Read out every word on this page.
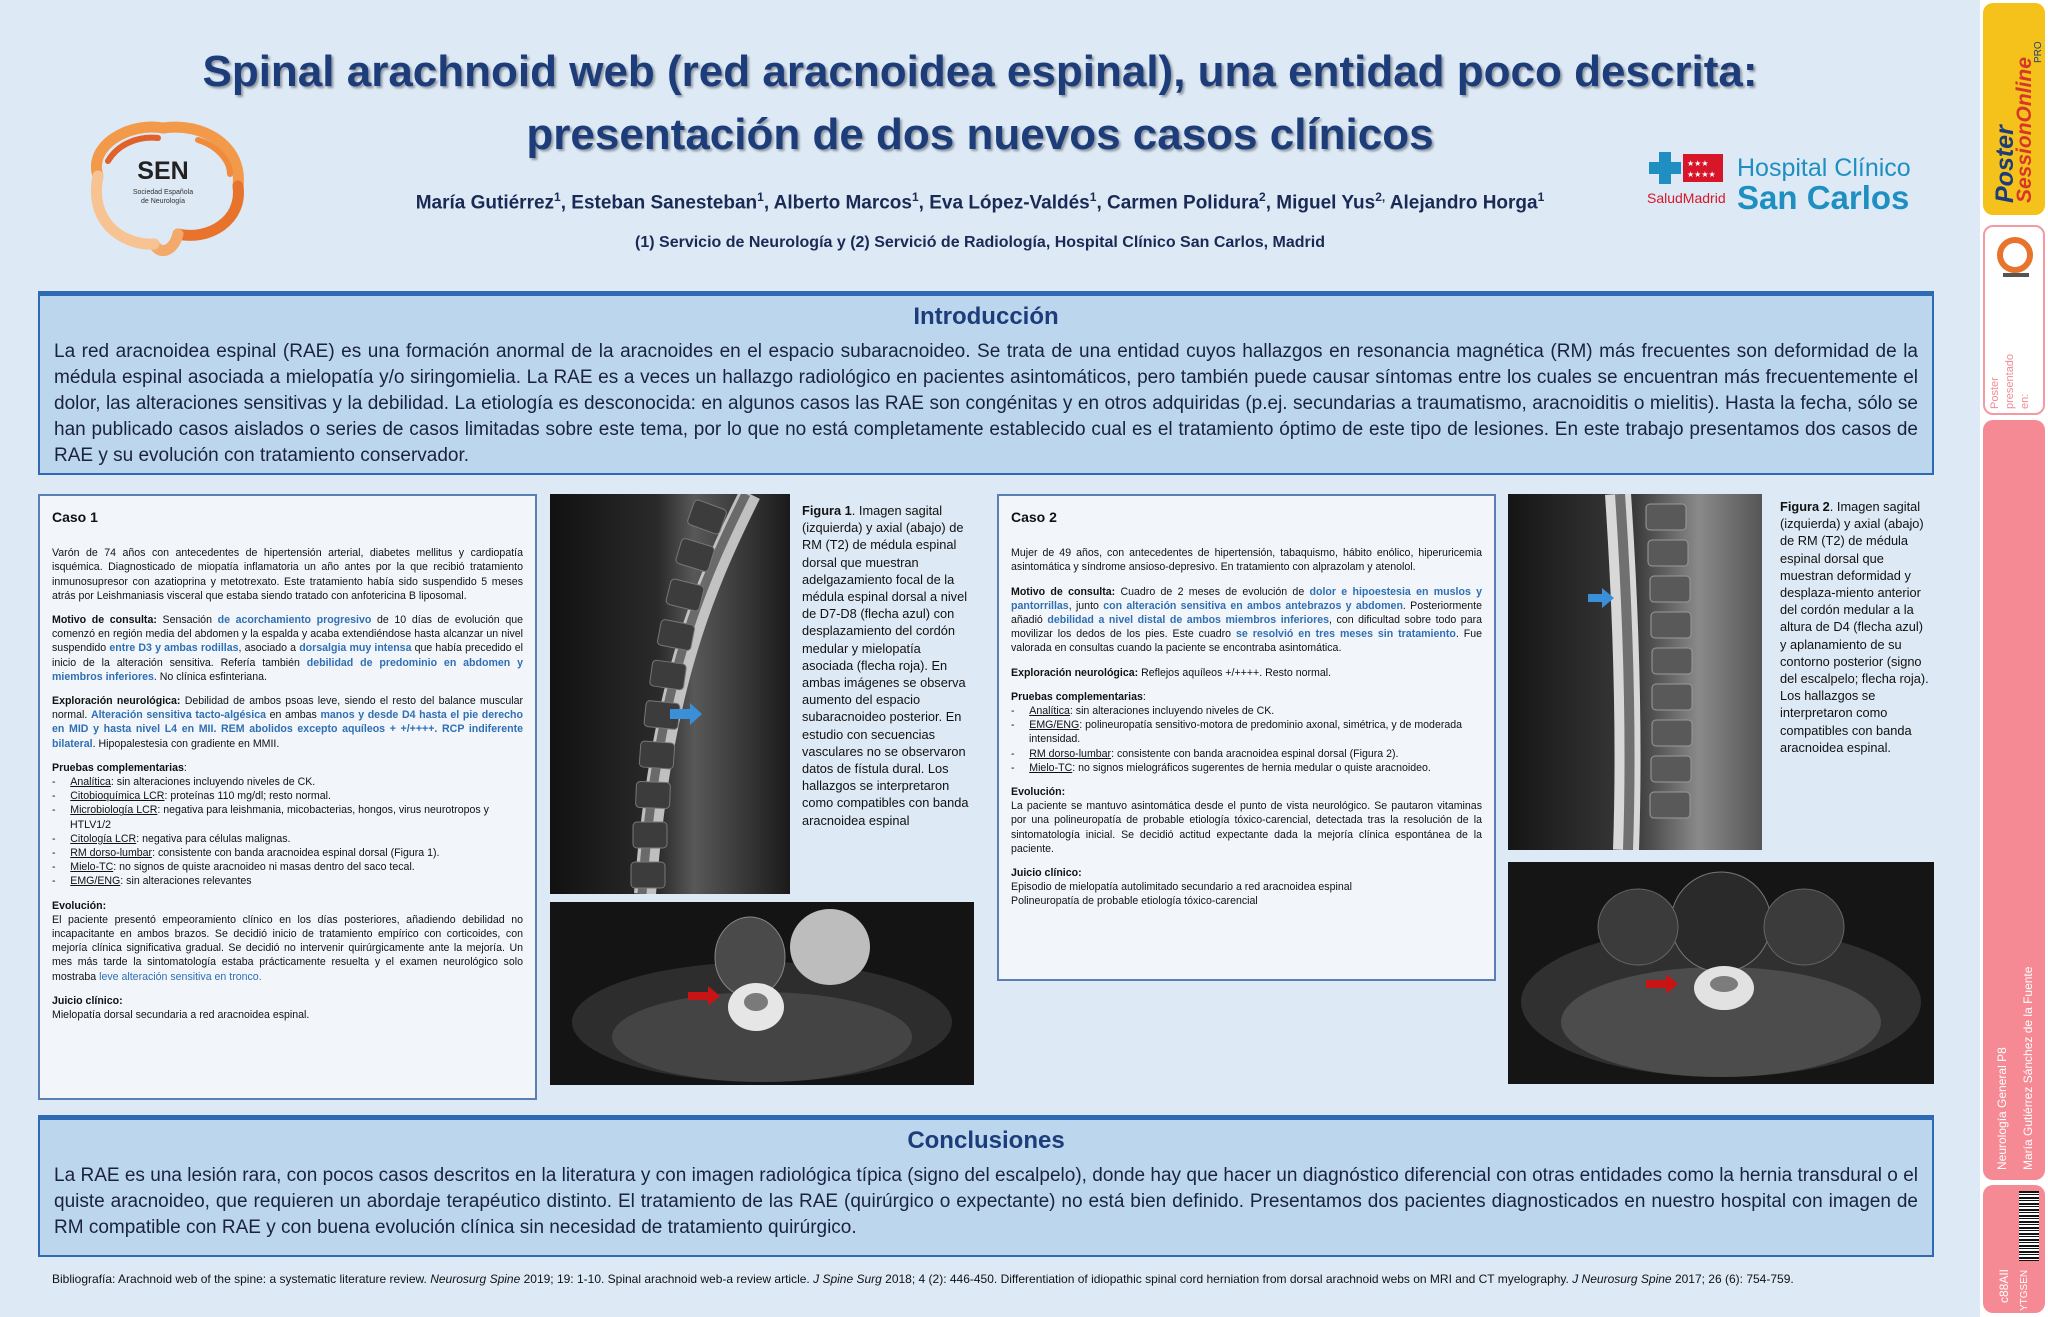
SEN
Sociedad Española
de Neurología
Spinal arachnoid web (red aracnoidea espinal), una entidad poco descrita:
presentación de dos nuevos casos clínicos
★★★
★★★★
SaludMadrid
Hospital Clínico
San Carlos
María Gutiérrez$^1$, Esteban Sanesteban$^1$, Alberto Marcos$^1$, Eva López-Valdés$^1$, Carmen Polidura$^2$, Miguel Yus$^{2,}$ Alejandro Horga$^1$
(1) Servicio de Neurología y (2) Servició de Radiología, Hospital Clínico San Carlos, Madrid
Introducción

La red aracnoidea espinal (RAE) es una formación anormal de la aracnoides en el espacio subaracnoideo. Se trata de una entidad cuyos hallazgos en resonancia magnética (RM) más frecuentes son deformidad de la médula espinal asociada a mielopatía y/o siringomielia. La RAE es a veces un hallazgo radiológico en pacientes asintomáticos, pero también puede causar síntomas entre los cuales se encuentran más frecuentemente el dolor, las alteraciones sensitivas y la debilidad. La etiología es desconocida: en algunos casos las RAE son congénitas y en otros adquiridas (p.ej. secundarias a traumatismo, aracnoiditis o mielitis). Hasta la fecha, sólo se han publicado casos aislados o series de casos limitadas sobre este tema, por lo que no está completamente establecido cual es el tratamiento óptimo de este tipo de lesiones. En este trabajo presentamos dos casos de RAE y su evolución con tratamiento conservador.

Caso 1

Varón de 74 años con antecedentes de hipertensión arterial, diabetes mellitus y cardiopatía isquémica. Diagnosticado de miopatía inflamatoria un año antes por la que recibió tratamiento inmunosupresor con azatioprina y metotrexato. Este tratamiento había sido suspendido 5 meses atrás por Leishmaniasis visceral que estaba siendo tratado con anfotericina B liposomal.

Motivo de consulta: Sensación de acorchamiento progresivo de 10 días de evolución que comenzó en región media del abdomen y la espalda y acaba extendiéndose hasta alcanzar un nivel suspendido entre D3 y ambas rodillas, asociado a dorsalgia muy intensa que había precedido el inicio de la alteración sensitiva. Refería también debilidad de predominio en abdomen y miembros inferiores. No clínica esfinteriana.

Exploración neurológica: Debilidad de ambos psoas leve, siendo el resto del balance muscular normal. Alteración sensitiva tacto-algésica en ambas manos y desde D4 hasta el pie derecho en MID y hasta nivel L4 en MII. REM abolidos excepto aquíleos + +/++++. RCP indiferente bilateral. Hipopalestesia con gradiente en MMII.

Pruebas complementarias:

-     Analítica: sin alteraciones incluyendo niveles de CK.
-     Citobioquímica LCR: proteínas 110 mg/dl; resto normal.
-     Microbiología LCR: negativa para leishmania, micobacterias, hongos, virus neurotropos y HTLV1/2
-     Citología LCR: negativa para células malignas.
-     RM dorso-lumbar: consistente con banda aracnoidea espinal dorsal (Figura 1).
-     Mielo-TC: no signos de quiste aracnoideo ni masas dentro del saco tecal.
-     EMG/ENG: sin alteraciones relevantes

Evolución:

El paciente presentó empeoramiento clínico en los días posteriores, añadiendo debilidad no incapacitante en ambos brazos. Se decidió inicio de tratamiento empírico con corticoides, con mejoría clínica significativa gradual. Se decidió no intervenir quirúrgicamente ante la mejoría. Un mes más tarde la sintomatología estaba prácticamente resuelta y el examen neurológico solo mostraba leve alteración sensitiva en tronco.

Juicio clínico:

Mielopatía dorsal secundaria a red aracnoidea espinal.

Figura 1. Imagen sagital (izquierda) y axial (abajo) de RM (T2) de médula espinal dorsal que muestran adelgazamiento focal de la médula espinal dorsal a nivel de D7-D8 (flecha azul) con desplazamiento del cordón medular y mielopatía asociada (flecha roja). En ambas imágenes se observa aumento del espacio subaracnoideo posterior. En estudio con secuencias vasculares no se observaron datos de fístula dural. Los hallazgos se interpretaron como compatibles con banda aracnoidea espinal
Caso 2

Mujer de 49 años, con antecedentes de hipertensión, tabaquismo, hábito enólico, hiperuricemia asintomática y síndrome ansioso-depresivo. En tratamiento con alprazolam y atenolol.

Motivo de consulta: Cuadro de 2 meses de evolución de dolor e hipoestesia en muslos y pantorrillas, junto con alteración sensitiva en ambos antebrazos y abdomen. Posteriormente añadió debilidad a nivel distal de ambos miembros inferiores, con dificultad sobre todo para movilizar los dedos de los pies. Este cuadro se resolvió en tres meses sin tratamiento. Fue valorada en consultas cuando la paciente se encontraba asintomática.

Exploración neurológica: Reflejos aquíleos +/++++. Resto normal.

Pruebas complementarias:

-     Analítica: sin alteraciones incluyendo niveles de CK.
-     EMG/ENG: polineuropatía sensitivo-motora de predominio axonal, simétrica, y de moderada intensidad.
-     RM dorso-lumbar: consistente con banda aracnoidea espinal dorsal (Figura 2).
-     Mielo-TC: no signos mielográficos sugerentes de hernia medular o quiste aracnoideo.

Evolución:

La paciente se mantuvo asintomática desde el punto de vista neurológico. Se pautaron vitaminas por una polineuropatía de probable etiología tóxico-carencial, detectada tras la resolución de la sintomatología inicial. Se decidió actitud expectante dada la mejoría clínica espontánea de la paciente.

Juicio clínico:

Episodio de mielopatía autolimitado secundario a red aracnoidea espinal

Polineuropatía de probable etiología tóxico-carencial

Figura 2. Imagen sagital (izquierda) y axial (abajo) de RM (T2) de médula espinal dorsal que muestran deformidad y desplaza-miento anterior del cordón medular a la altura de D4 (flecha azul) y aplanamiento de su contorno posterior (signo del escalpelo; flecha roja). Los hallazgos se interpretaron como compatibles con banda aracnoidea espinal.
Conclusiones

La RAE es una lesión rara, con pocos casos descritos en la literatura y con imagen radiológica típica (signo del escalpelo), donde hay que hacer un diagnóstico diferencial con otras entidades como la hernia transdural o el quiste aracnoideo, que requieren un abordaje terapéutico distinto. El tratamiento de las RAE (quirúrgico o expectante) no está bien definido. Presentamos dos pacientes diagnosticados en nuestro hospital con imagen de RM compatible con RAE y con buena evolución clínica sin necesidad de tratamiento quirúrgico.

Bibliografía: Arachnoid web of the spine: a systematic literature review. Neurosurg Spine 2019; 19: 1-10. Spinal arachnoid web-a review article. J Spine Surg 2018; 4 (2): 446-450. Differentiation of idiopathic spinal cord herniation from dorsal arachnoid webs on MRI and CT myelography. J Neurosurg Spine 2017; 26 (6): 754-759.
Poster
SessionOnline
PRO
Poster presentado en:
Neurología General P8 María Gutiérrez Sánchez de la Fuente
c88AII YTGSEN
